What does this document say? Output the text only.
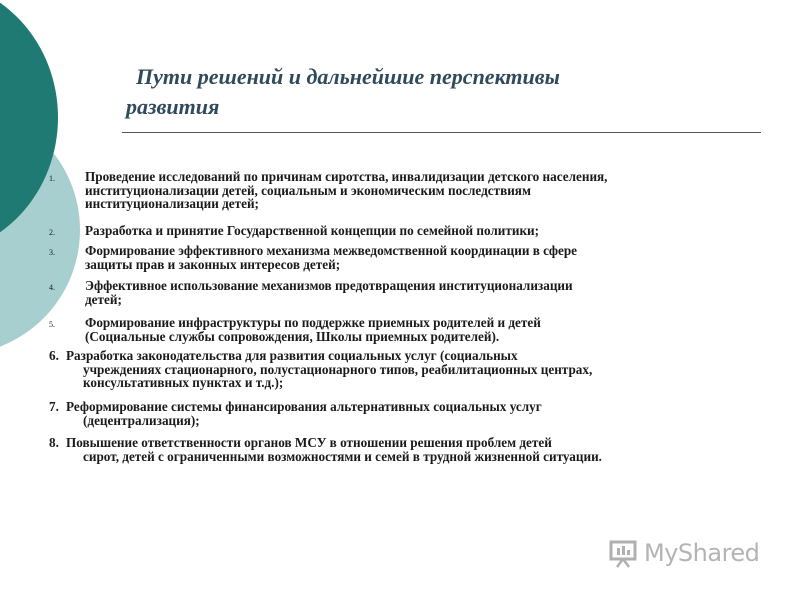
Пути решений и дальнейшие перспективы
развития
1. Проведение исследований по причинам сиротства, инвалидизации детского населения,
институционализации детей, социальным и экономическим последствиям
институционализации детей;
2. Разработка и принятие Государственной концепции по семейной политики;
3. Формирование эффективного механизма межведомственной координации в сфере
защиты прав и законных интересов детей;
4. Эффективное использование механизмов предотвращения институционализации
детей;
5. Формирование инфраструктуры по поддержке приемных родителей и детей
(Социальные службы сопровождения, Школы приемных родителей).
6. Разработка законодательства для развития социальных услуг (социальных
учреждениях стационарного, полустационарного типов, реабилитационных центрах,
консультативных пунктах и т.д.);
7. Реформирование системы финансирования альтернативных социальных услуг
(децентрализация);
8. Повышение ответственности органов МСУ в отношении решения проблем детей
сирот, детей с ограниченными возможностями и семей в трудной жизненной ситуации.
MyShared
